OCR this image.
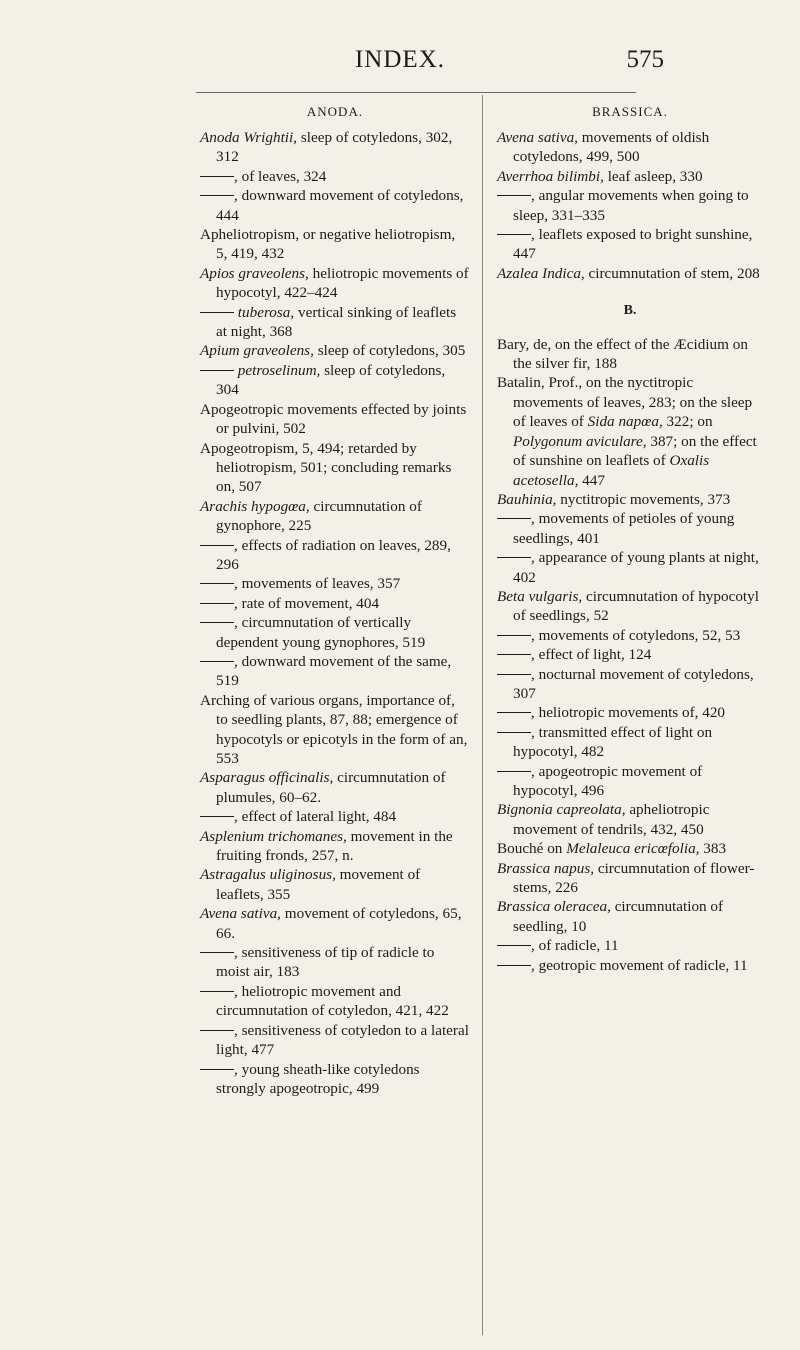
INDEX.	575
ANODA.

Anoda Wrightii, sleep of cotyledons, 302, 312

, of leaves, 324

, downward movement of cotyledons, 444

Apheliotropism, or negative heliotropism, 5, 419, 432

Apios graveolens, heliotropic movements of hypocotyl, 422–424

tuberosa, vertical sinking of leaflets at night, 368

Apium graveolens, sleep of cotyledons, 305

petroselinum, sleep of cotyledons, 304

Apogeotropic movements effected by joints or pulvini, 502

Apogeotropism, 5, 494; retarded by heliotropism, 501; concluding remarks on, 507

Arachis hypogœa, circumnutation of gynophore, 225

, effects of radiation on leaves, 289, 296

, movements of leaves, 357

, rate of movement, 404

, circumnutation of vertically dependent young gynophores, 519

, downward movement of the same, 519

Arching of various organs, importance of, to seedling plants, 87, 88; emergence of hypocotyls or epicotyls in the form of an, 553

Asparagus officinalis, circumnutation of plumules, 60–62.

, effect of lateral light, 484

Asplenium trichomanes, movement in the fruiting fronds, 257, n.

Astragalus uliginosus, movement of leaflets, 355

Avena sativa, movement of cotyledons, 65, 66.

, sensitiveness of tip of radicle to moist air, 183

, heliotropic movement and circumnutation of cotyledon, 421, 422

, sensitiveness of cotyledon to a lateral light, 477

, young sheath-like cotyledons strongly apogeotropic, 499

BRASSICA.

Avena sativa, movements of oldish cotyledons, 499, 500

Averrhoa bilimbi, leaf asleep, 330

, angular movements when going to sleep, 331–335

, leaflets exposed to bright sunshine, 447

Azalea Indica, circumnutation of stem, 208

B.

Bary, de, on the effect of the Æcidium on the silver fir, 188

Batalin, Prof., on the nyctitropic movements of leaves, 283; on the sleep of leaves of Sida napœa, 322; on Polygonum aviculare, 387; on the effect of sunshine on leaflets of Oxalis acetosella, 447

Bauhinia, nyctitropic movements, 373

, movements of petioles of young seedlings, 401

, appearance of young plants at night, 402

Beta vulgaris, circumnutation of hypocotyl of seedlings, 52

, movements of cotyledons, 52, 53

, effect of light, 124

, nocturnal movement of cotyledons, 307

, heliotropic movements of, 420

, transmitted effect of light on hypocotyl, 482

, apogeotropic movement of hypocotyl, 496

Bignonia capreolata, apheliotropic movement of tendrils, 432, 450

Bouché on Melaleuca ericœfolia, 383

Brassica napus, circumnutation of flower-stems, 226

Brassica oleracea, circumnutation of seedling, 10

, of radicle, 11

, geotropic movement of radicle, 11
